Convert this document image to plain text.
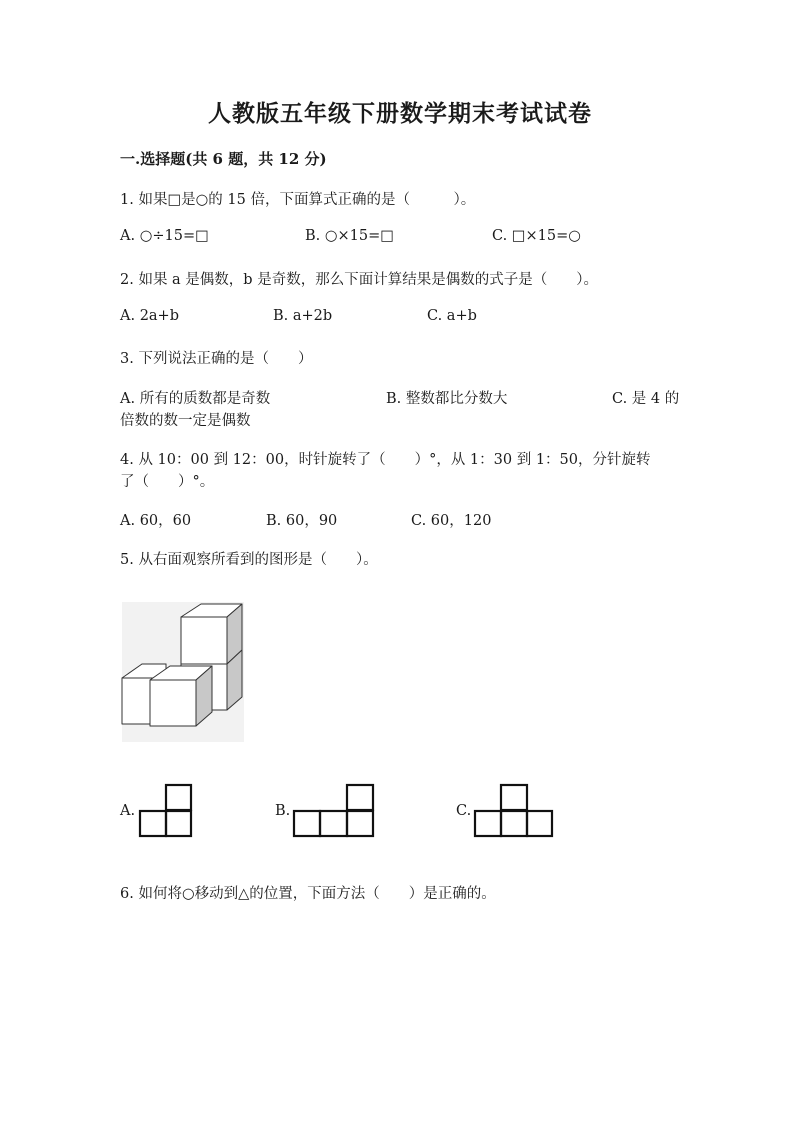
人教版五年级下册数学期末考试试卷
一.选择题(共 6 题，共 12 分)
1. 如果□是○的 15 倍，下面算式正确的是（　　　）。
A. ○÷15=□	B. ○×15=□	C. □×15=○
2. 如果 a 是偶数，b 是奇数，那么下面计算结果是偶数的式子是（　　）。
A. 2a+b	B. a+2b	C. a+b
3. 下列说法正确的是（　　）
A. 所有的质数都是奇数	B. 整数都比分数大	C. 是 4 的
倍数的数一定是偶数
4. 从 10：00 到 12：00，时针旋转了（　　）°，从 1：30 到 1：50，分针旋转
了（　　）°。
A. 60，60	B. 60，90	C. 60，120
5. 从右面观察所看到的图形是（　　）。
A.	B.	C.
6. 如何将○移动到△的位置，下面方法（　　）是正确的。
